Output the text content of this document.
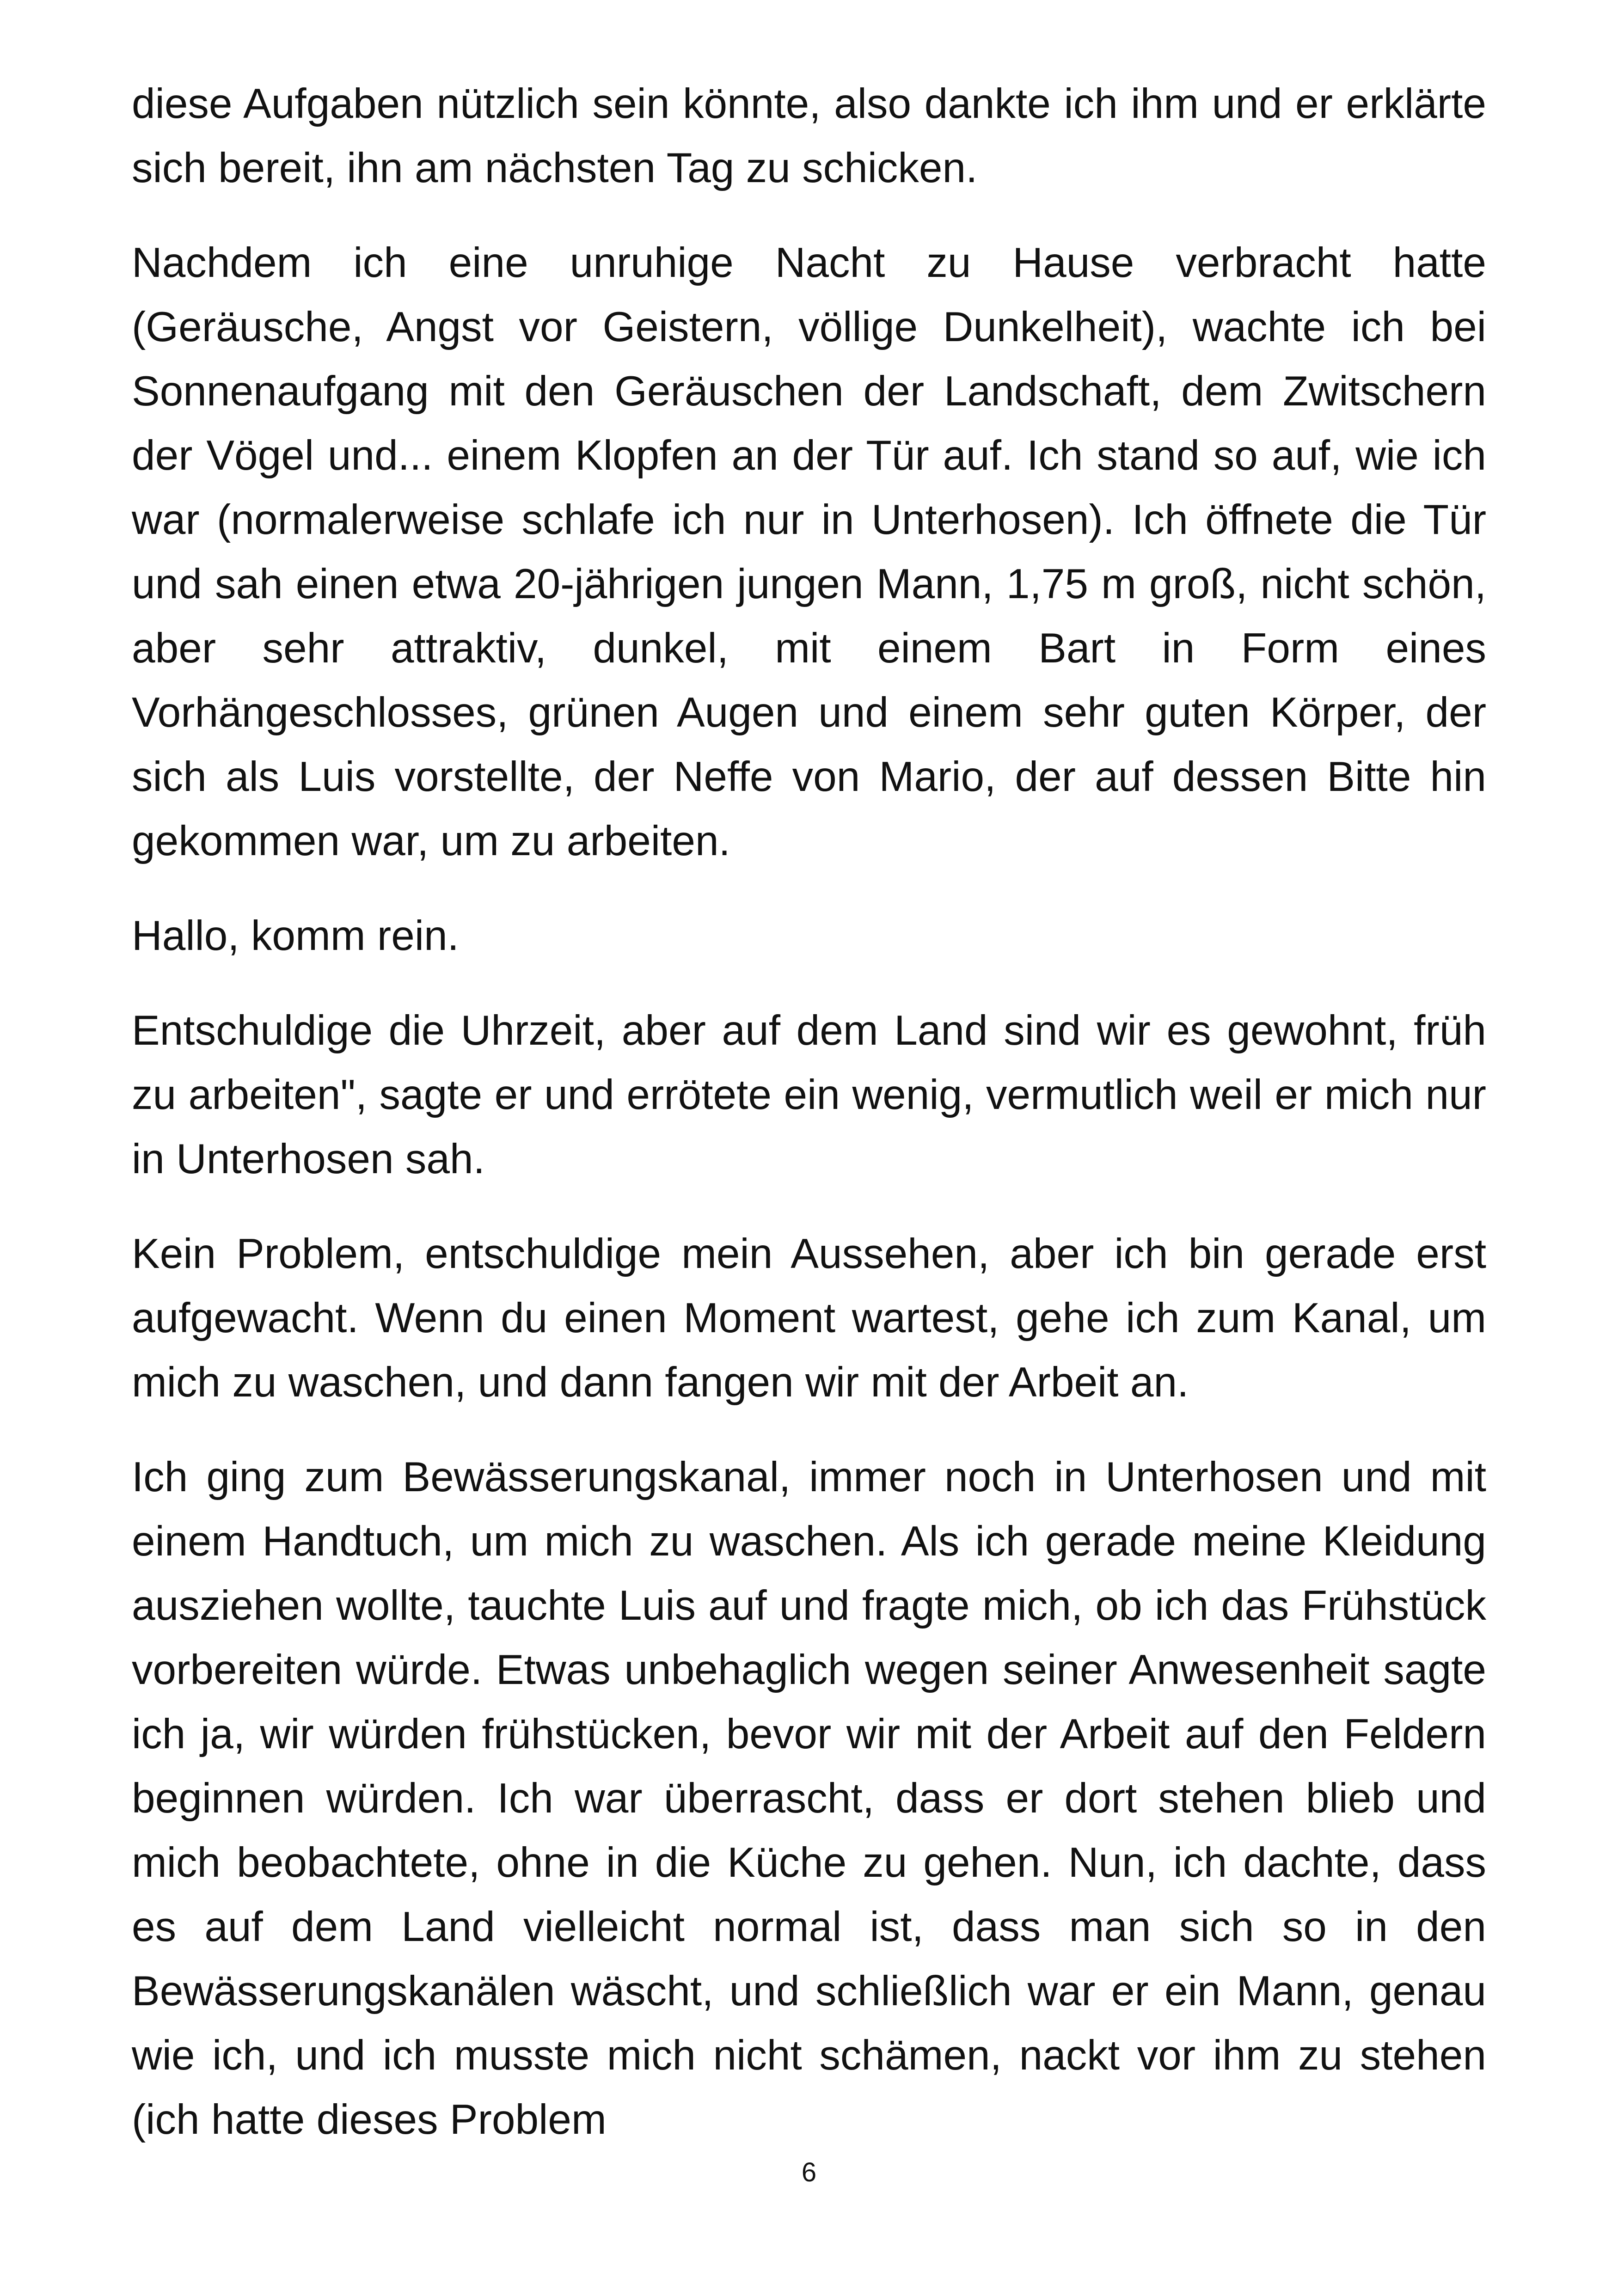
diese Aufgaben nützlich sein könnte, also dankte ich ihm und er erklärte sich bereit, ihn am nächsten Tag zu schicken.

Nachdem ich eine unruhige Nacht zu Hause verbracht hatte (Geräusche, Angst vor Geistern, völlige Dunkelheit), wachte ich bei Sonnenaufgang mit den Geräuschen der Landschaft, dem Zwitschern der Vögel und... einem Klopfen an der Tür auf. Ich stand so auf, wie ich war (normalerweise schlafe ich nur in Unterhosen). Ich öffnete die Tür und sah einen etwa 20-jährigen jungen Mann, 1,75 m groß, nicht schön, aber sehr attraktiv, dunkel, mit einem Bart in Form eines Vorhängeschlosses, grünen Augen und einem sehr guten Körper, der sich als Luis vorstellte, der Neffe von Mario, der auf dessen Bitte hin gekommen war, um zu arbeiten.

Hallo, komm rein.

Entschuldige die Uhrzeit, aber auf dem Land sind wir es gewohnt, früh zu arbeiten", sagte er und errötete ein wenig, vermutlich weil er mich nur in Unterhosen sah.

Kein Problem, entschuldige mein Aussehen, aber ich bin gerade erst aufgewacht. Wenn du einen Moment wartest, gehe ich zum Kanal, um mich zu waschen, und dann fangen wir mit der Arbeit an.

Ich ging zum Bewässerungskanal, immer noch in Unterhosen und mit einem Handtuch, um mich zu waschen. Als ich gerade meine Kleidung ausziehen wollte, tauchte Luis auf und fragte mich, ob ich das Frühstück vorbereiten würde. Etwas unbehaglich wegen seiner Anwesenheit sagte ich ja, wir würden frühstücken, bevor wir mit der Arbeit auf den Feldern beginnen würden. Ich war überrascht, dass er dort stehen blieb und mich beobachtete, ohne in die Küche zu gehen. Nun, ich dachte, dass es auf dem Land vielleicht normal ist, dass man sich so in den Bewässerungskanälen wäscht, und schließlich war er ein Mann, genau wie ich, und ich musste mich nicht schämen, nackt vor ihm zu stehen (ich hatte dieses Problem

6
